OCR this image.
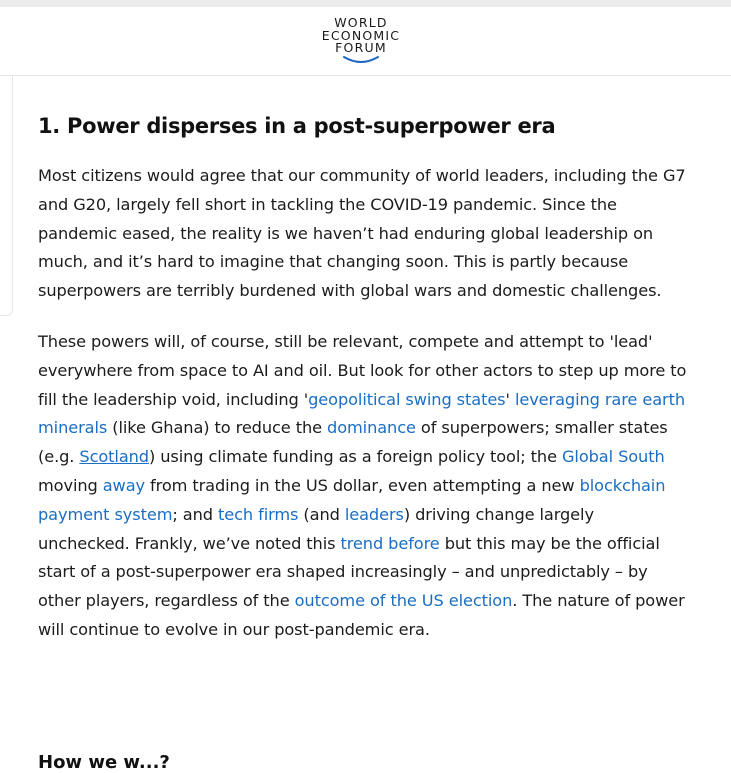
WORLD
ECONOMIC
FORUM
1. Power disperses in a post-superpower era

Most citizens would agree that our community of world leaders, including the G7 and G20, largely fell short in tackling the COVID-19 pandemic. Since the pandemic eased, the reality is we haven’t had enduring global leadership on much, and it’s hard to imagine that changing soon. This is partly because superpowers are terribly burdened with global wars and domestic challenges.

These powers will, of course, still be relevant, compete and attempt to 'lead' everywhere from space to AI and oil. But look for other actors to step up more to fill the leadership void, including 'geopolitical swing states' leveraging rare earth minerals (like Ghana) to reduce the dominance of superpowers; smaller states (e.g. Scotland) using climate funding as a foreign policy tool; the Global South moving away from trading in the US dollar, even attempting a new blockchain payment system; and tech firms (and leaders) driving change largely unchecked. Frankly, we’ve noted this trend before but this may be the official start of a post-superpower era shaped increasingly – and unpredictably – by other players, regardless of the outcome of the US election. The nature of power will continue to evolve in our post-pandemic era.

How we w...?
